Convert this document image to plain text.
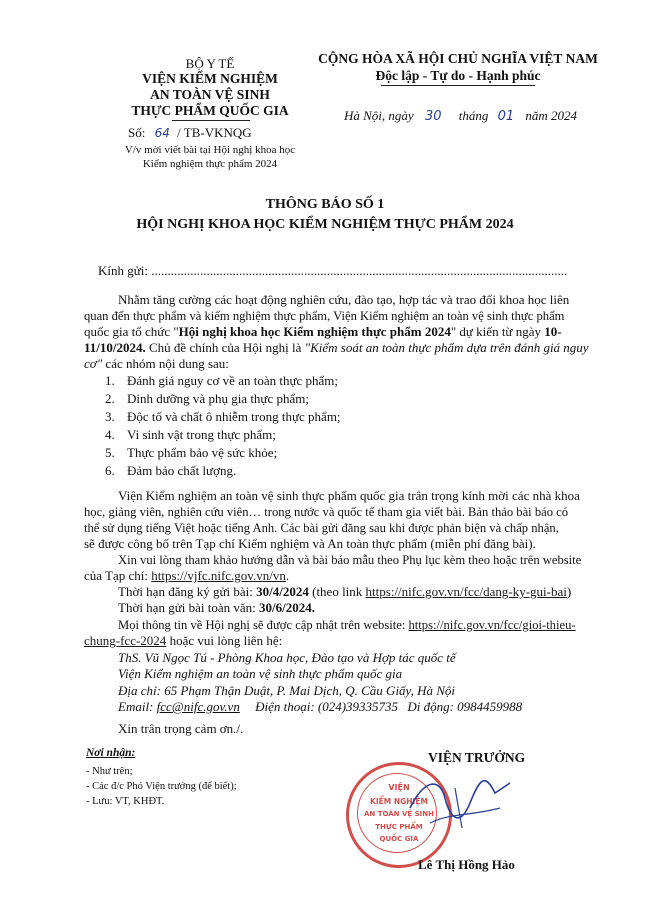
BỘ Y TẾ
VIỆN KIỂM NGHIỆM
AN TOÀN VỆ SINH
THỰC PHẨM QUỐC GIA
Số: 64 / TB-VKNQG
V/v mời viết bài tại Hội nghị khoa học
Kiểm nghiệm thực phẩm 2024
CỘNG HÒA XÃ HỘI CHỦ NGHĨA VIỆT NAM
Độc lập - Tự do - Hạnh phúc
Hà Nội, ngày 30 tháng 01 năm 2024
THÔNG BÁO SỐ 1
HỘI NGHỊ KHOA HỌC KIỂM NGHIỆM THỰC PHẨM 2024
Kính gửi: ................................................................................................................................
Nhằm tăng cường các hoạt động nghiên cứu, đào tạo, hợp tác và trao đổi khoa học liên
quan đến thực phẩm và kiểm nghiệm thực phẩm, Viện Kiểm nghiệm an toàn vệ sinh thực phẩm
quốc gia tổ chức "Hội nghị khoa học Kiểm nghiệm thực phẩm 2024" dự kiến từ ngày 10-
11/10/2024. Chủ đề chính của Hội nghị là "Kiểm soát an toàn thực phẩm dựa trên đánh giá nguy
cơ" các nhóm nội dung sau:
1. Đánh giá nguy cơ về an toàn thực phẩm;
2. Dinh dưỡng và phụ gia thực phẩm;
3. Độc tố và chất ô nhiễm trong thực phẩm;
4. Vi sinh vật trong thực phẩm;
5. Thực phẩm bảo vệ sức khỏe;
6. Đảm bảo chất lượng.
Viện Kiểm nghiệm an toàn vệ sinh thực phẩm quốc gia trân trọng kính mời các nhà khoa
học, giảng viên, nghiên cứu viên… trong nước và quốc tế tham gia viết bài. Bản thảo bài báo có
thể sử dụng tiếng Việt hoặc tiếng Anh. Các bài gửi đăng sau khi được phản biện và chấp nhận,
sẽ được công bố trên Tạp chí Kiểm nghiệm và An toàn thực phẩm (miễn phí đăng bài).
Xin vui lòng tham khảo hướng dẫn và bài báo mẫu theo Phụ lục kèm theo hoặc trên website
của Tạp chí: https://vjfc.nifc.gov.vn/vn.
Thời hạn đăng ký gửi bài: 30/4/2024 (theo link https://nifc.gov.vn/fcc/dang-ky-gui-bai)
Thời hạn gửi bài toàn văn: 30/6/2024.
Mọi thông tin về Hội nghị sẽ được cập nhật trên website: https://nifc.gov.vn/fcc/gioi-thieu-
chung-fcc-2024 hoặc vui lòng liên hệ:
ThS. Vũ Ngọc Tú - Phòng Khoa học, Đào tạo và Hợp tác quốc tế
Viện Kiểm nghiệm an toàn vệ sinh thực phẩm quốc gia
Địa chỉ: 65 Phạm Thận Duật, P. Mai Dịch, Q. Cầu Giấy, Hà Nội
Email: fcc@nifc.gov.vn Điện thoại: (024)39335735 Di động: 0984459988
Xin trân trọng cảm ơn./.
Nơi nhận:
- Như trên;
- Các đ/c Phó Viện trưởng (để biết);
- Lưu: VT, KHĐT.
VIỆN TRƯỞNG
VIỆN
KIỂM NGHIỆM
AN TOÀN VỆ SINH
THỰC PHẨM
QUỐC GIA
Lê Thị Hồng Hảo
